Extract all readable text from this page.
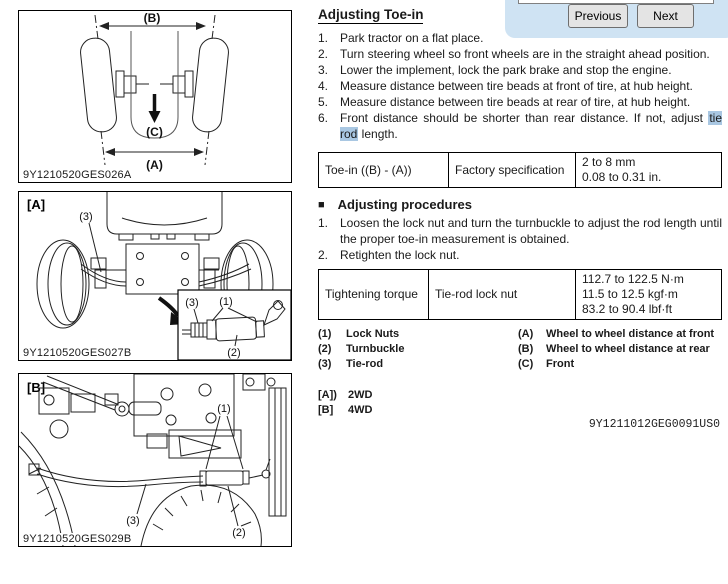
(B)
(C)
(A)
9Y1210520GES026A
[A]
(3)
(3) (1)
(2)
9Y1210520GES027B
[B]
(1)
(3)
(2)
9Y1210520GES029B
Adjusting Toe-in
1. Park tractor on a flat place.
2. Turn steering wheel so front wheels are in the straight ahead position.
3. Lower the implement, lock the park brake and stop the engine.
4. Measure distance between tire beads at front of tire, at hub height.
5. Measure distance between tire beads at rear of tire, at hub height.
6. Front distance should be shorter than rear distance. If not, adjust tie rod length.
Toe-in ((B) - (A))	Factory specification	
2 to 8 mm
0.08 to 0.31 in.
■ Adjusting procedures
1. Loosen the lock nut and turn the turnbuckle to adjust the rod length until the proper toe-in measurement is obtained.
2. Retighten the lock nut.
Tightening torque	Tie-rod lock nut	
112.7 to 122.5 N·m
11.5 to 12.5 kgf·m
83.2 to 90.4 lbf·ft
(1)	Lock Nuts
(2)	Turnbuckle
(3)	Tie-rod
(A)	Wheel to wheel distance at front
(B)	Wheel to wheel distance at rear
(C)	Front
[A])	2WD
[B]	4WD
9Y1211012GEG0091US0
Previous	Next
